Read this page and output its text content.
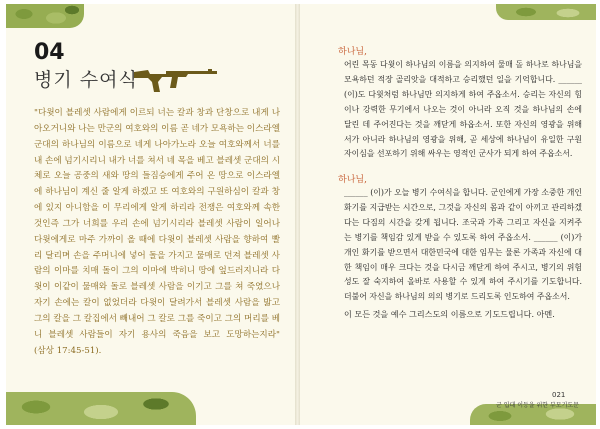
04
병기 수여식
"다윗이 블레셋 사람에게 이르되 너는 칼과 창과 단창으로 내게 나아오거니와 나는 만군의 여호와의 이름 곧 네가 모욕하는 이스라엘 군대의 하나님의 이름으로 네게 나아가노라 오늘 여호와께서 너를 내 손에 넘기시리니 내가 너를 쳐서 네 목을 베고 블레셋 군대의 시체로 오늘 공중의 새와 땅의 들짐승에게 주어 온 땅으로 이스라엘에 하나님이 계신 줄 알게 하겠고 또 여호와의 구원하심이 칼과 창에 있지 아니함을 이 무리에게 알게 하리라 전쟁은 여호와께 속한 것인즉 그가 너희를 우리 손에 넘기시리라 블레셋 사람이 일어나 다윗에게로 마주 가까이 올 때에 다윗이 블레셋 사람을 향하여 빨리 달리며 손을 주머니에 넣어 돌을 가지고 물매로 던져 블레셋 사람의 이마를 치매 돌이 그의 이마에 박히니 땅에 엎드러지니라 다윗이 이같이 물매와 돌로 블레셋 사람을 이기고 그를 쳐 죽였으나 자기 손에는 칼이 없었더라 다윗이 달려가서 블레셋 사람을 밟고 그의 칼을 그 칼집에서 빼내어 그 칼로 그를 죽이고 그의 머리를 베니 블레셋 사람들이 자기 용사의 죽음을 보고 도망하는지라"(삼상 17:45-51).
하나님,
어린 목동 다윗이 하나님의 이름을 의지하여 물매 돌 하나로 하나님을 모욕하던 적장 골리앗을 대적하고 승리했던 일을 기억합니다. ______ (이)도 다윗처럼 하나님만 의지하게 하여 주옵소서. 승리는 자신의 힘이나 강력한 무기에서 나오는 것이 아니라 오직 것을 하나님의 손에 달린 데 주어진다는 것을 깨닫게 하옵소서. 또한 자신의 영광을 위해서가 아니라 하나님의 영광을 위해, 곧 세상에 하나님이 유일한 구원자이심을 선포하기 위해 싸우는 영적인 군사가 되게 하여 주옵소서.
하나님,
______ (이)가 오늘 병기 수여식을 합니다. 군인에게 가장 소중한 개인 화기를 지급받는 시간으로, 그것을 자신의 몸과 같이 아끼고 관리하겠다는 다짐의 시간을 갖게 됩니다. 조국과 가족 그리고 자신을 지켜주는 병기를 책임감 있게 받을 수 있도록 하여 주옵소서. ______ (이)가 개인 화기를 받으면서 대한민국에 대한 임무는 물론 가족과 자신에 대한 책임이 매우 크다는 것을 다시금 깨닫게 하여 주시고, 병기의 위험성도 잘 숙지하여 올바로 사용할 수 있게 하여 주시기를 기도합니다. 더불어 자신을 하나님의 의의 병기로 드리도록 인도하여 주옵소서.
이 모든 것을 예수 그리스도의 이름으로 기도드립니다. 아멘.
021
군 입대 이등을 위한 부모기도문
